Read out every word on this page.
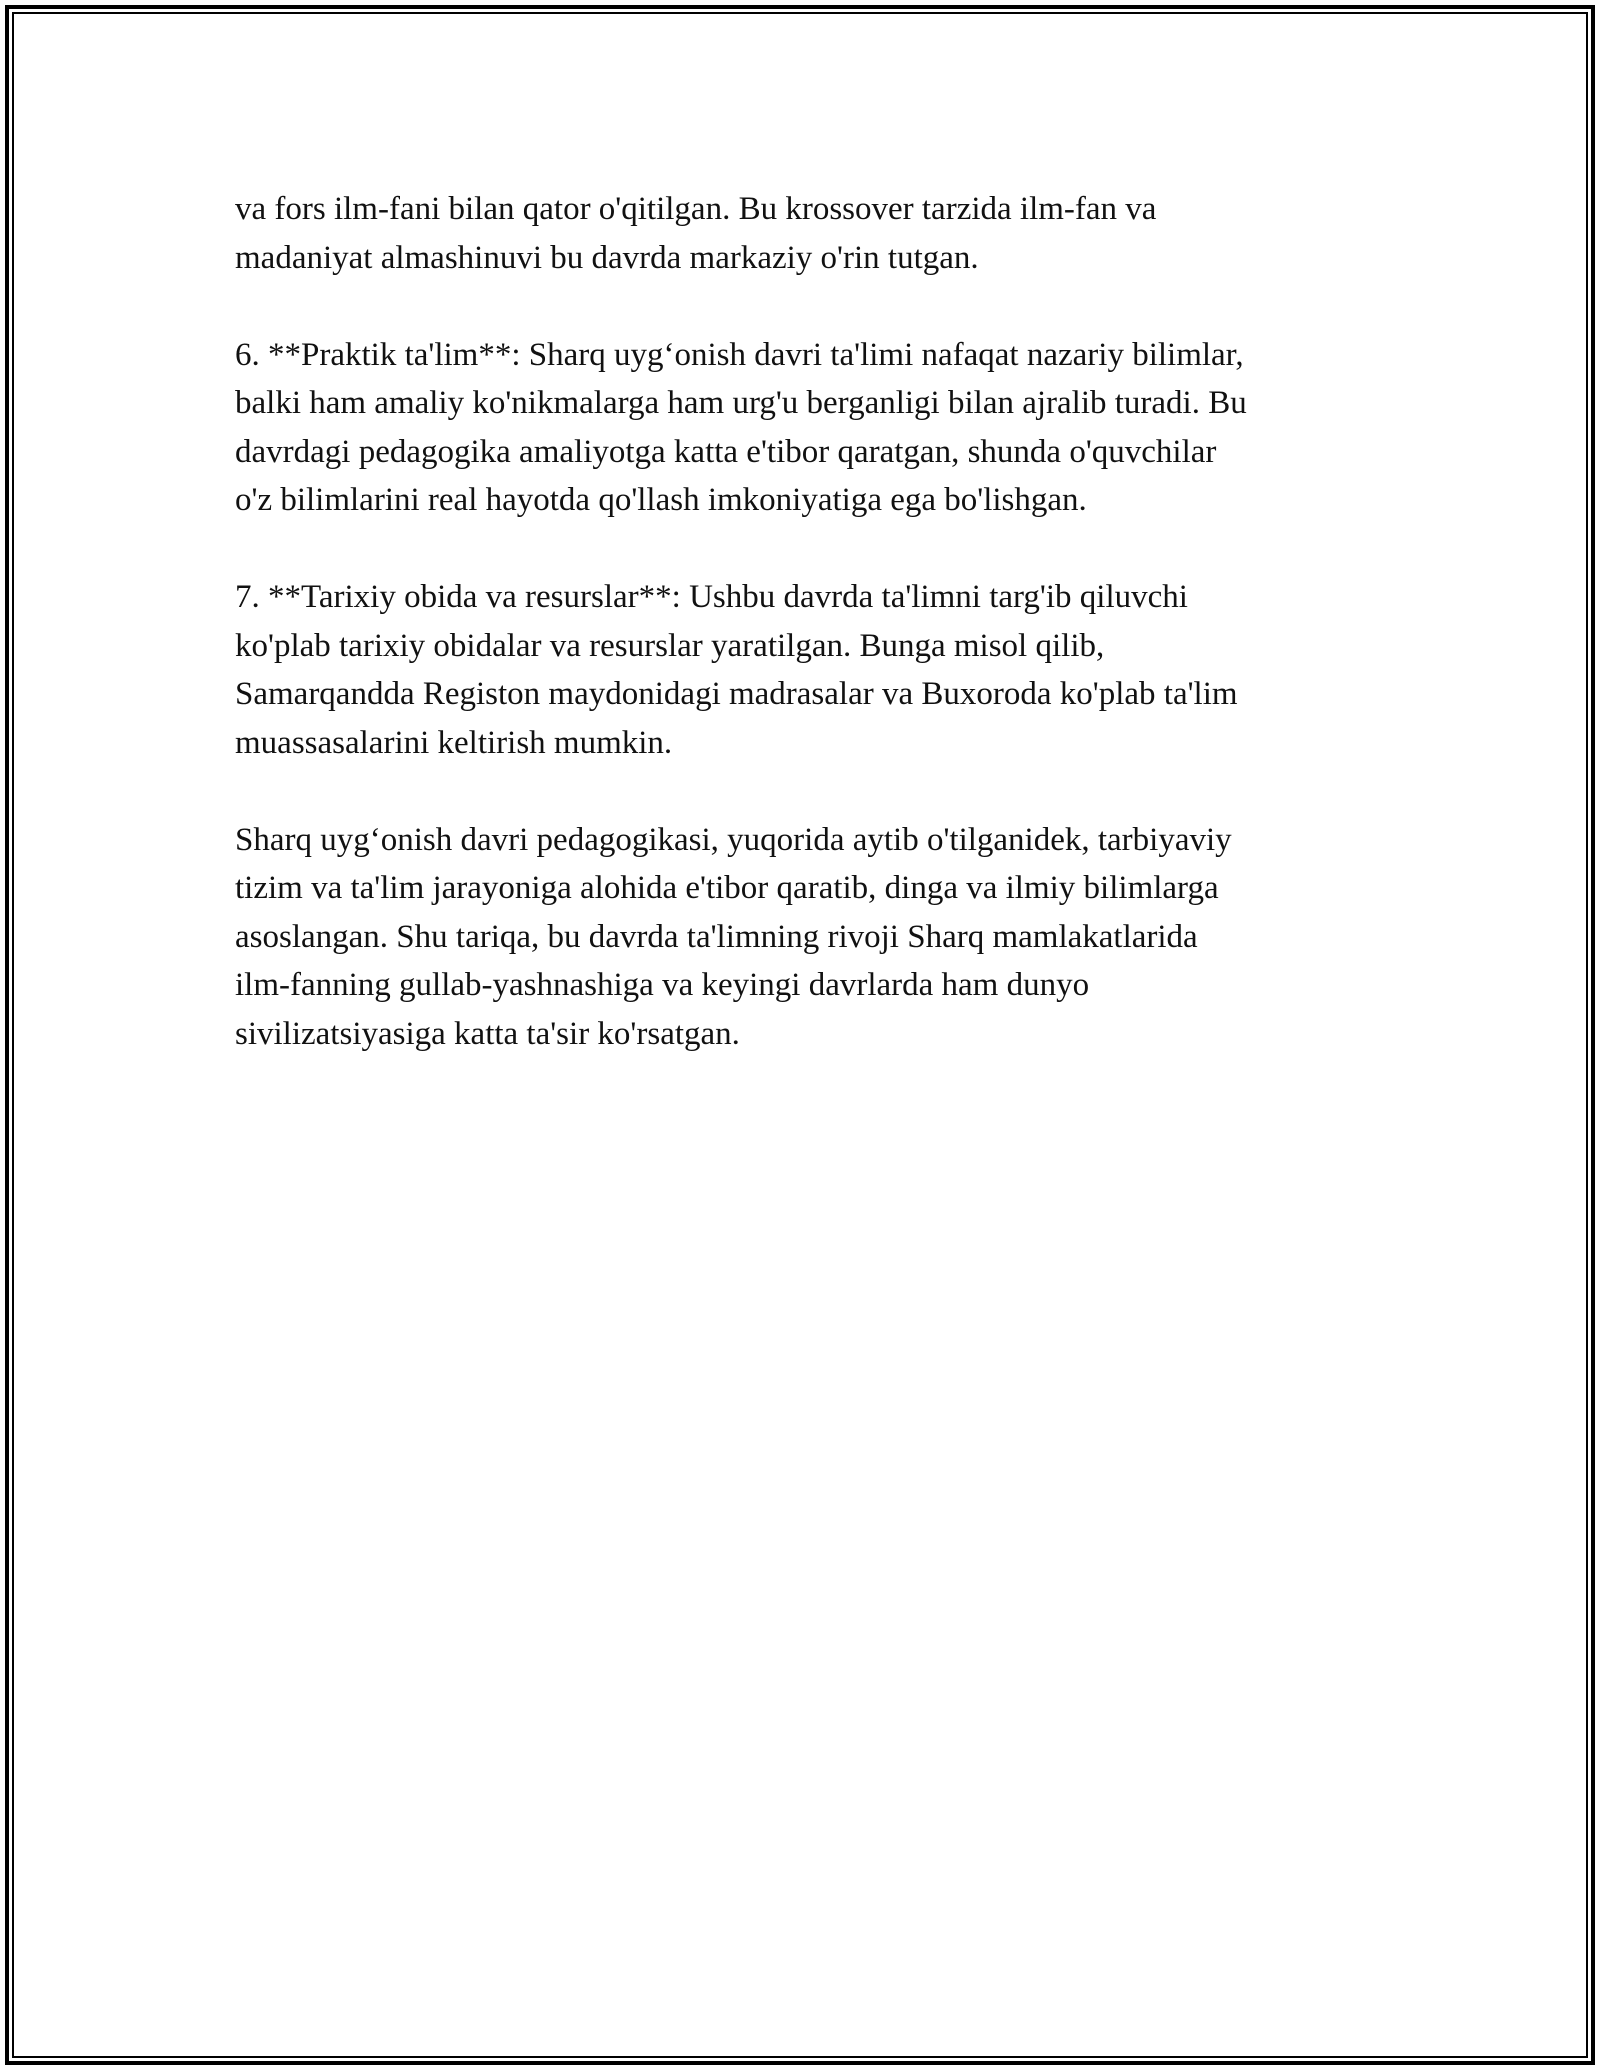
va fors ilm-fani bilan qator o'qitilgan. Bu krossover tarzida ilm-fan va
madaniyat almashinuvi bu davrda markaziy o'rin tutgan.

6. **Praktik ta'lim**: Sharq uyg‘onish davri ta'limi nafaqat nazariy bilimlar,
balki ham amaliy ko'nikmalarga ham urg'u berganligi bilan ajralib turadi. Bu
davrdagi pedagogika amaliyotga katta e'tibor qaratgan, shunda o'quvchilar
o'z bilimlarini real hayotda qo'llash imkoniyatiga ega bo'lishgan.

7. **Tarixiy obida va resurslar**: Ushbu davrda ta'limni targ'ib qiluvchi
ko'plab tarixiy obidalar va resurslar yaratilgan. Bunga misol qilib,
Samarqandda Registon maydonidagi madrasalar va Buxoroda ko'plab ta'lim
muassasalarini keltirish mumkin.

Sharq uyg‘onish davri pedagogikasi, yuqorida aytib o'tilganidek, tarbiyaviy
tizim va ta'lim jarayoniga alohida e'tibor qaratib, dinga va ilmiy bilimlarga
asoslangan. Shu tariqa, bu davrda ta'limning rivoji Sharq mamlakatlarida
ilm-fanning gullab-yashnashiga va keyingi davrlarda ham dunyo
sivilizatsiyasiga katta ta'sir ko'rsatgan.
